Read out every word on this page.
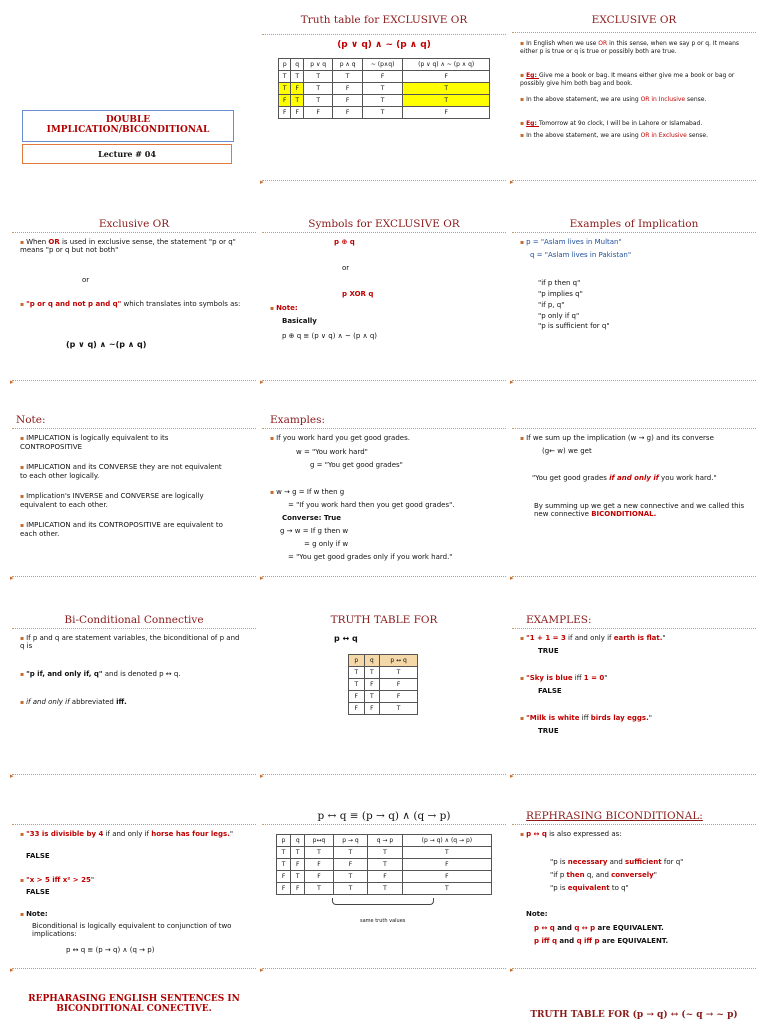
DOUBLE
IMPLICATION/BICONDITIONAL
Lecture # 04
Truth table for EXCLUSIVE OR
(p ∨ q) ∧ ~ (p ∧ q)
p	q	p ∨ q	p ∧ q	~ (p∧q)	(p ∨ q) ∧ ~ (p ∧ q)
T	T	T	T	F	F
T	F	T	F	T	T
F	T	T	F	T	T
F	F	F	F	T	F
▸
EXCLUSIVE OR
▪ In English when we use OR in this sense, when we say p or q. It means either p is true or q is true or possibly both are true.
▪ Eg: Give me a book or bag. It means either give me a book or bag or possibly give him both bag and book.
▪ In the above statement, we are using OR in Inclusive sense.
▪ Eg: Tomorrow at 9o clock, I will be in Lahore or Islamabad.
▪ In the above statement, we are using OR in Exclusive sense.
▸
Exclusive OR
▪ When OR is used in exclusive sense, the statement "p or q" means "p or q but not both"
or
▪ "p or q and not p and q" which translates into symbols as:
(p ∨ q) ∧ ~(p ∧ q)
▸
Symbols for EXCLUSIVE OR
p ⊕ q
or
p XOR q
▪ Note:
Basically
p ⊕ q ≡ (p ∨ q) ∧ ~ (p ∧ q)
▸
Examples of Implication
▪ p = "Aslam lives in Multan"
q = "Aslam lives in Pakistan"
"if p then q"
"p implies q"
"if p, q"
"p only if q"
"p is sufficient for q"
▸
Note:
▪ IMPLICATION is logically equivalent to its CONTROPOSITIVE
▪ IMPLICATION and its CONVERSE they are not equivalent to each other logically.
▪ Implication's INVERSE and CONVERSE are logically equivalent to each other.
▪ IMPLICATION and its CONTROPOSITIVE are equivalent to each other.
▸
Examples:
▪ If you work hard you get good grades.
w = "You work hard"
g = "You get good grades"
▪ w → g = If w then g
= "If you work hard then you get good grades".
Converse: True
g → w = If g then w
= g only if w
= "You get good grades only if you work hard."
▸
▪ If we sum up the implication (w → g) and its converse
(g← w) we get
"You get good grades if and only if you work hard."
By summing up we get a new connective and we called this new connective BICONDITIONAL.
▸
Bi-Conditional Connective
▪ If p and q are statement variables, the biconditional of p and q is
▪ "p if, and only if, q" and is denoted p ↔ q.
▪ if and only if abbreviated iff.
▸
TRUTH TABLE FOR
p ↔ q
p	q	p ↔ q
T	T	T
T	F	F
F	T	F
F	F	T
▸
EXAMPLES:
▪ "1 + 1 = 3 if and only if earth is flat."
TRUE
▪ "Sky is blue iff 1 = 0"
FALSE
▪ "Milk is white iff birds lay eggs."
TRUE
▸
▪ "33 is divisible by 4 if and only if horse has four legs."
FALSE
▪ "x > 5 iff x² > 25"
FALSE
▪ Note:
Biconditional is logically equivalent to conjunction of two implications:
p ↔ q ≡ (p → q) ∧ (q → p)
▸
p ↔ q ≡ (p → q) ∧ (q → p)
p	q	p↔q	p → q	q → p	(p → q) ∧ (q → p)
T	T	T	T	T	T
T	F	F	F	T	F
F	T	F	T	F	F
F	F	T	T	T	T
same truth values
▸
REPHRASING BICONDITIONAL:
▪ p ↔ q is also expressed as:
"p is necessary and sufficient for q"
"if p then q, and conversely"
"p is equivalent to q"
Note:
p ↔ q and q ↔ p are EQUIVALENT.
p iff q and q iff p are EQUIVALENT.
▸
REPHARASING ENGLISH SENTENCES IN
BICONDITIONAL CONECTIVE.
TRUTH TABLE FOR (p → q) ↔ (~ q → ~ p)
